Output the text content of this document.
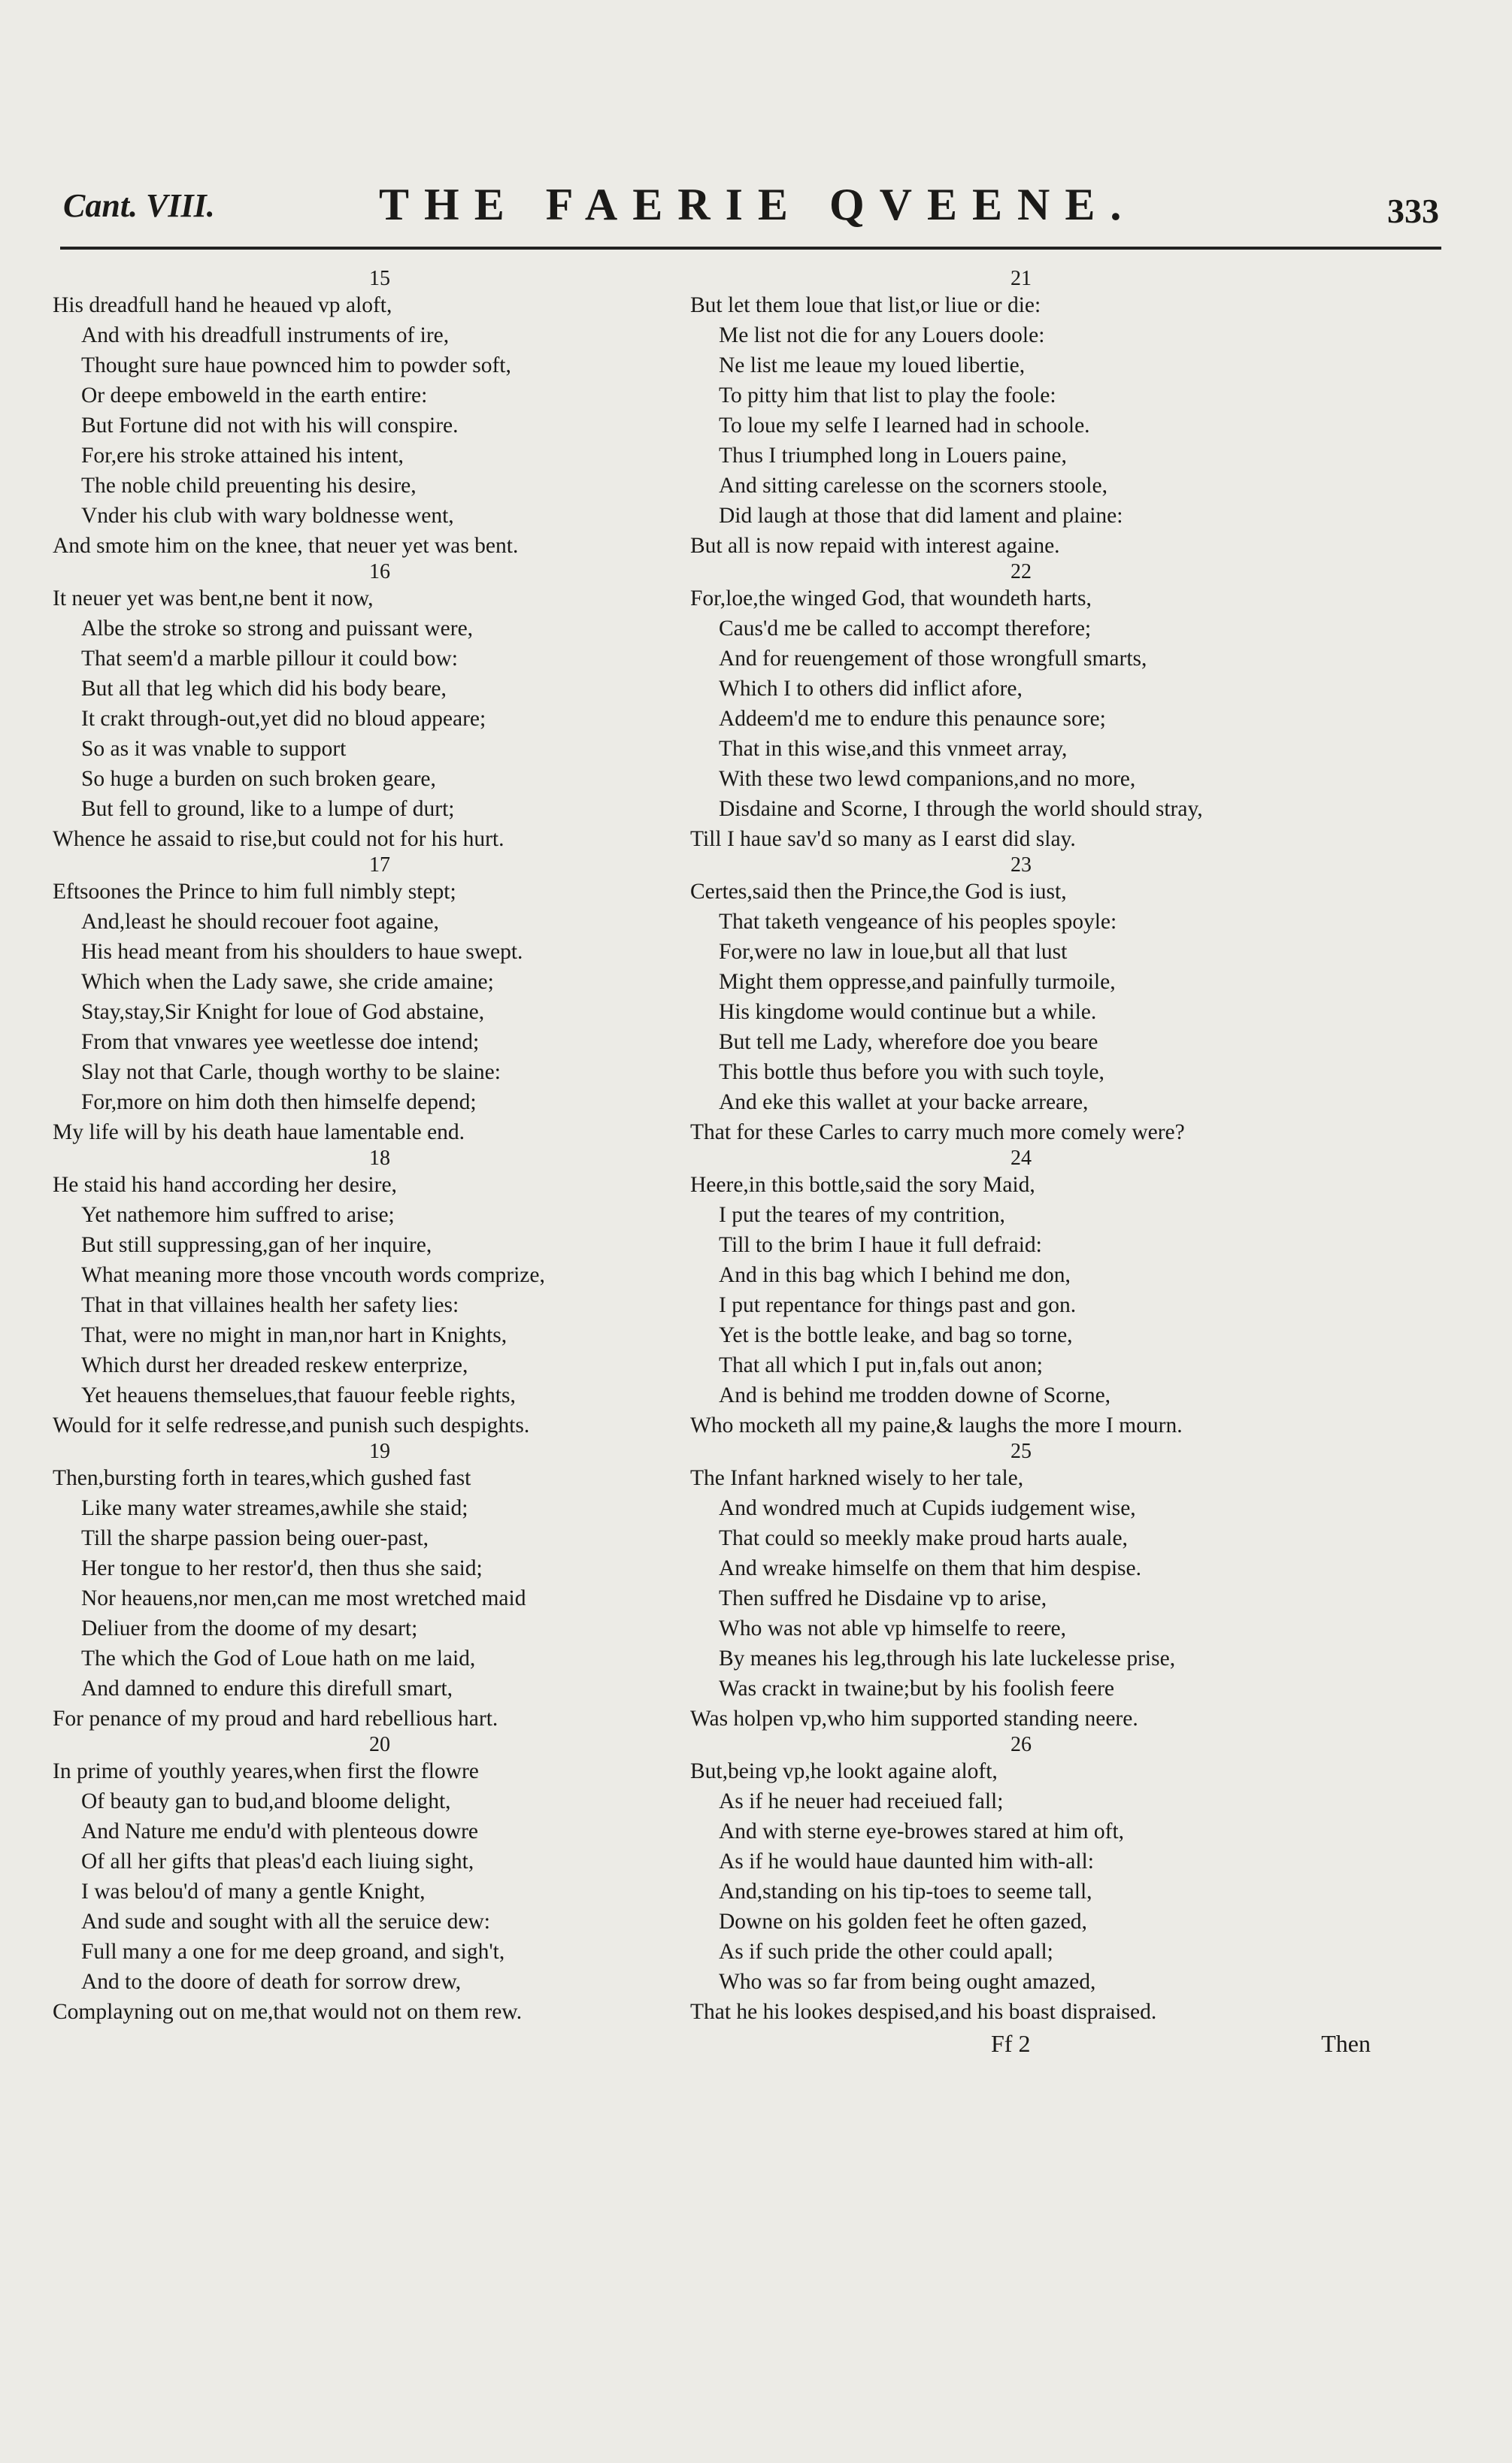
Cant. VIII.	THE FAERIE QVEENE.	333
15
His dreadfull hand he heaued vp aloft,
And with his dreadfull instruments of ire,
Thought sure haue pownced him to powder soft,
Or deepe emboweld in the earth entire:
But Fortune did not with his will conspire.
For,ere his stroke attained his intent,
The noble child preuenting his desire,
Vnder his club with wary boldnesse went,
And smote him on the knee, that neuer yet was bent.
16
It neuer yet was bent,ne bent it now,
Albe the stroke so strong and puissant were,
That seem'd a marble pillour it could bow:
But all that leg which did his body beare,
It crakt through-out,yet did no bloud appeare;
So as it was vnable to support
So huge a burden on such broken geare,
But fell to ground, like to a lumpe of durt;
Whence he assaid to rise,but could not for his hurt.
17
Eftsoones the Prince to him full nimbly stept;
And,least he should recouer foot againe,
His head meant from his shoulders to haue swept.
Which when the Lady sawe, she cride amaine;
Stay,stay,Sir Knight for loue of God abstaine,
From that vnwares yee weetlesse doe intend;
Slay not that Carle, though worthy to be slaine:
For,more on him doth then himselfe depend;
My life will by his death haue lamentable end.
18
He staid his hand according her desire,
Yet nathemore him suffred to arise;
But still suppressing,gan of her inquire,
What meaning more those vncouth words comprize,
That in that villaines health her safety lies:
That, were no might in man,nor hart in Knights,
Which durst her dreaded reskew enterprize,
Yet heauens themselues,that fauour feeble rights,
Would for it selfe redresse,and punish such despights.
19
Then,bursting forth in teares,which gushed fast
Like many water streames,awhile she staid;
Till the sharpe passion being ouer-past,
Her tongue to her restor'd, then thus she said;
Nor heauens,nor men,can me most wretched maid
Deliuer from the doome of my desart;
The which the God of Loue hath on me laid,
And damned to endure this direfull smart,
For penance of my proud and hard rebellious hart.
20
In prime of youthly yeares,when first the flowre
Of beauty gan to bud,and bloome delight,
And Nature me endu'd with plenteous dowre
Of all her gifts that pleas'd each liuing sight,
I was belou'd of many a gentle Knight,
And sude and sought with all the seruice dew:
Full many a one for me deep groand, and sigh't,
And to the doore of death for sorrow drew,
Complayning out on me,that would not on them rew.
21
But let them loue that list,or liue or die:
Me list not die for any Louers doole:
Ne list me leaue my loued libertie,
To pitty him that list to play the foole:
To loue my selfe I learned had in schoole.
Thus I triumphed long in Louers paine,
And sitting carelesse on the scorners stoole,
Did laugh at those that did lament and plaine:
But all is now repaid with interest againe.
22
For,loe,the winged God, that woundeth harts,
Caus'd me be called to accompt therefore;
And for reuengement of those wrongfull smarts,
Which I to others did inflict afore,
Addeem'd me to endure this penaunce sore;
That in this wise,and this vnmeet array,
With these two lewd companions,and no more,
Disdaine and Scorne, I through the world should stray,
Till I haue sav'd so many as I earst did slay.
23
Certes,said then the Prince,the God is iust,
That taketh vengeance of his peoples spoyle:
For,were no law in loue,but all that lust
Might them oppresse,and painfully turmoile,
His kingdome would continue but a while.
But tell me Lady, wherefore doe you beare
This bottle thus before you with such toyle,
And eke this wallet at your backe arreare,
That for these Carles to carry much more comely were?
24
Heere,in this bottle,said the sory Maid,
I put the teares of my contrition,
Till to the brim I haue it full defraid:
And in this bag which I behind me don,
I put repentance for things past and gon.
Yet is the bottle leake, and bag so torne,
That all which I put in,fals out anon;
And is behind me trodden downe of Scorne,
Who mocketh all my paine,& laughs the more I mourn.
25
The Infant harkned wisely to her tale,
And wondred much at Cupids iudgement wise,
That could so meekly make proud harts auale,
And wreake himselfe on them that him despise.
Then suffred he Disdaine vp to arise,
Who was not able vp himselfe to reere,
By meanes his leg,through his late luckelesse prise,
Was crackt in twaine;but by his foolish feere
Was holpen vp,who him supported standing neere.
26
But,being vp,he lookt againe aloft,
As if he neuer had receiued fall;
And with sterne eye-browes stared at him oft,
As if he would haue daunted him with-all:
And,standing on his tip-toes to seeme tall,
Downe on his golden feet he often gazed,
As if such pride the other could apall;
Who was so far from being ought amazed,
That he his lookes despised,and his boast dispraised.
Ff 2	Then
